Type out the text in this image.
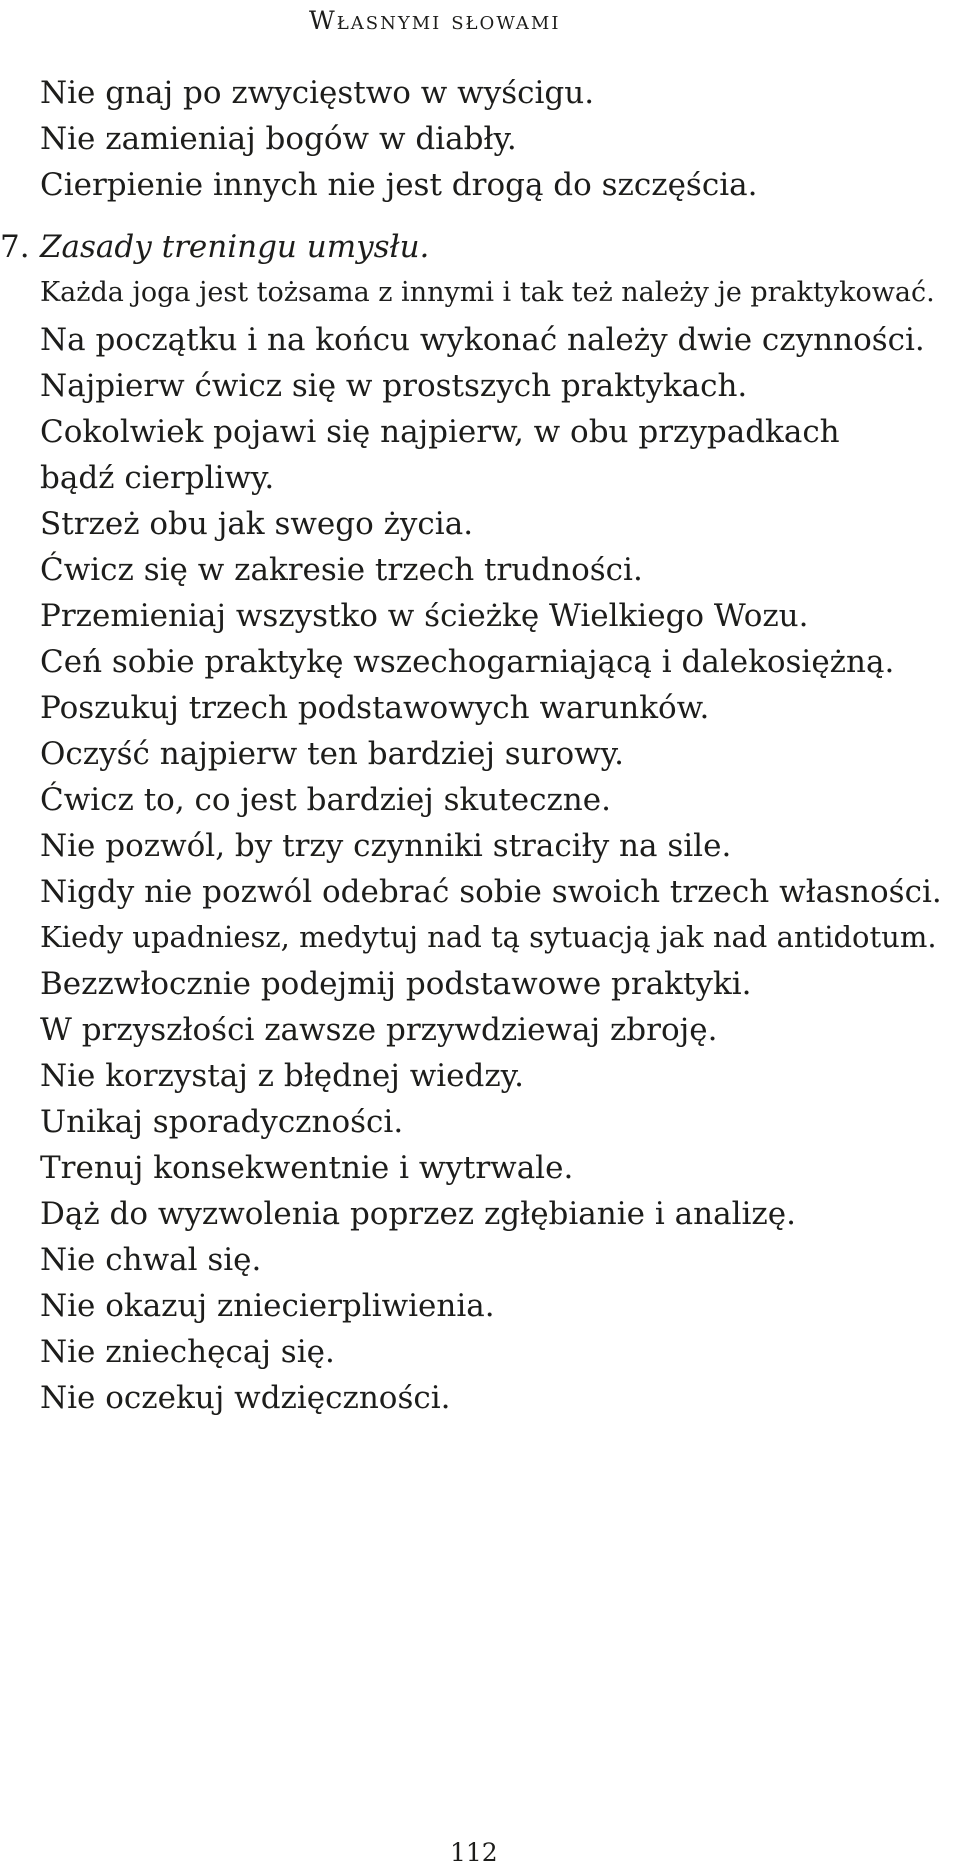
Własnymi słowami
Nie gnaj po zwycięstwo w wyścigu.
Nie zamieniaj bogów w diabły.
Cierpienie innych nie jest drogą do szczęścia.
7. Zasady treningu umysłu.
Każda joga jest tożsama z innymi i tak też należy je praktykować.
Na początku i na końcu wykonać należy dwie czynności.
Najpierw ćwicz się w prostszych praktykach.
Cokolwiek pojawi się najpierw, w obu przypadkach
bądź cierpliwy.
Strzeż obu jak swego życia.
Ćwicz się w zakresie trzech trudności.
Przemieniaj wszystko w ścieżkę Wielkiego Wozu.
Ceń sobie praktykę wszechogarniającą i dalekosiężną.
Poszukuj trzech podstawowych warunków.
Oczyść najpierw ten bardziej surowy.
Ćwicz to, co jest bardziej skuteczne.
Nie pozwól, by trzy czynniki straciły na sile.
Nigdy nie pozwól odebrać sobie swoich trzech własności.
Kiedy upadniesz, medytuj nad tą sytuacją jak nad antidotum.
Bezzwłocznie podejmij podstawowe praktyki.
W przyszłości zawsze przywdziewaj zbroję.
Nie korzystaj z błędnej wiedzy.
Unikaj sporadyczności.
Trenuj konsekwentnie i wytrwale.
Dąż do wyzwolenia poprzez zgłębianie i analizę.
Nie chwal się.
Nie okazuj zniecierpliwienia.
Nie zniechęcaj się.
Nie oczekuj wdzięczności.
112
